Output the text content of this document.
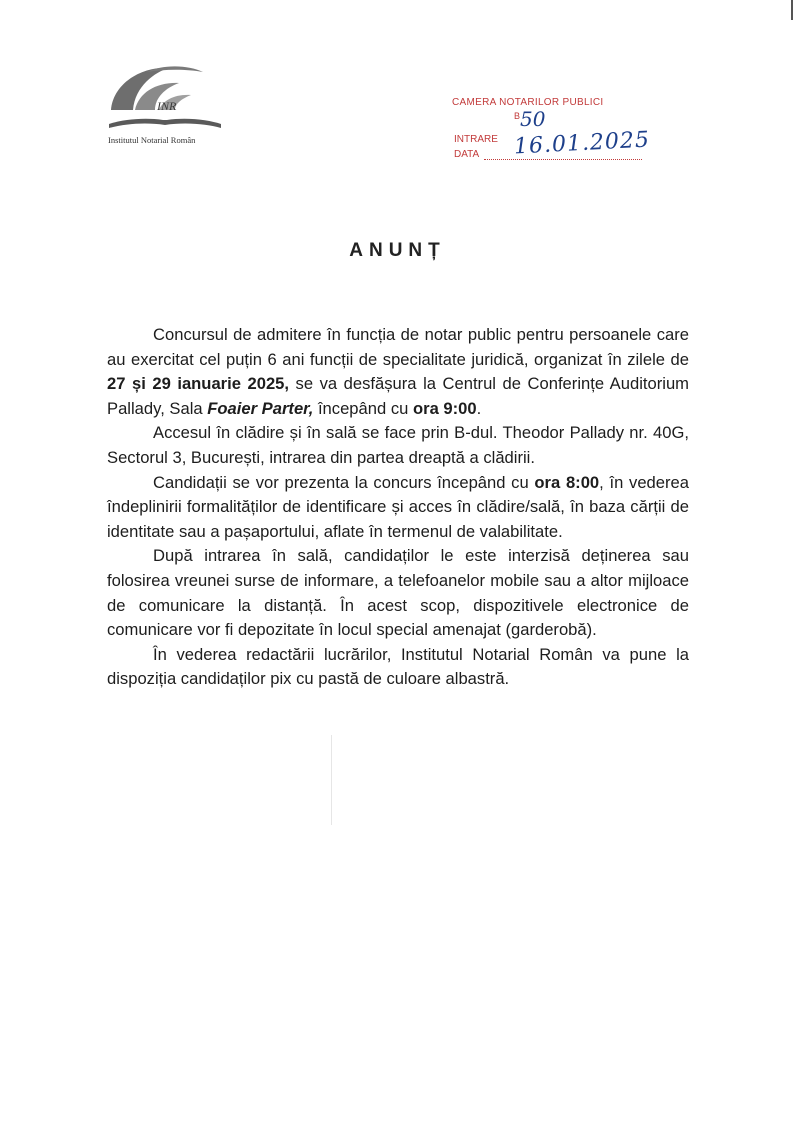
INR
Institutul Notarial Român
CAMERA NOTARILOR PUBLICI
B 50
INTRARE
DATA 16.01.2025
ANUNȚ

Concursul de admitere în funcția de notar public pentru persoanele care au exercitat cel puțin 6 ani funcții de specialitate juridică, organizat în zilele de 27 și 29 ianuarie 2025, se va desfășura la Centrul de Conferințe Auditorium Pallady, Sala Foaier Parter, începând cu ora 9:00.

Accesul în clădire și în sală se face prin B-dul. Theodor Pallady nr. 40G, Sectorul 3, București, intrarea din partea dreaptă a clădirii.

Candidații se vor prezenta la concurs începând cu ora 8:00, în vederea îndeplinirii formalităților de identificare și acces în clădire/sală, în baza cărții de identitate sau a pașaportului, aflate în termenul de valabilitate.

După intrarea în sală, candidaților le este interzisă deținerea sau folosirea vreunei surse de informare, a telefoanelor mobile sau a altor mijloace de comunicare la distanță. În acest scop, dispozitivele electronice de comunicare vor fi depozitate în locul special amenajat (garderobă).

În vederea redactării lucrărilor, Institutul Notarial Român va pune la dispoziția candidaților pix cu pastă de culoare albastră.
